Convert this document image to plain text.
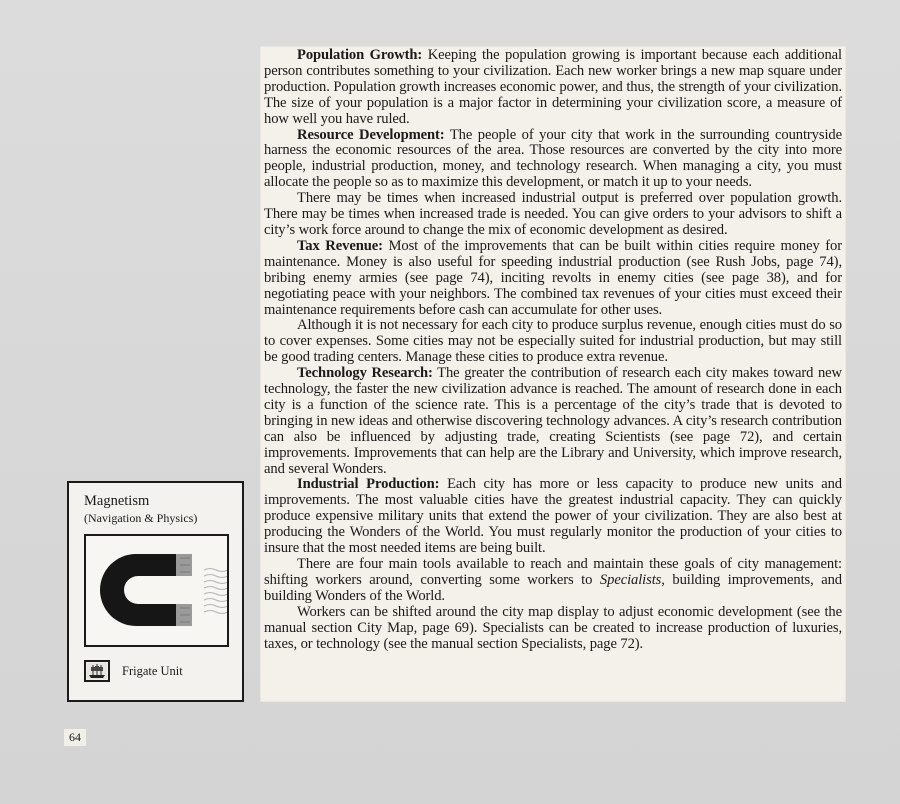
Population Growth: Keeping the population growing is important because each additional person contributes something to your civilization. Each new worker brings a new map square under production. Population growth increases economic power, and thus, the strength of your civilization. The size of your population is a major factor in determining your civilization score, a measure of how well you have ruled.

Resource Development: The people of your city that work in the surrounding countryside harness the economic resources of the area. Those resources are converted by the city into more people, industrial production, money, and technology research. When managing a city, you must allocate the people so as to maximize this development, or match it up to your needs.

There may be times when increased industrial output is preferred over population growth. There may be times when increased trade is needed. You can give orders to your advisors to shift a city’s work force around to change the mix of economic development as desired.

Tax Revenue: Most of the improvements that can be built within cities require money for maintenance. Money is also useful for speeding industrial production (see Rush Jobs, page 74), bribing enemy armies (see page 74), inciting revolts in enemy cities (see page 38), and for negotiating peace with your neighbors. The combined tax revenues of your cities must exceed their maintenance requirements before cash can accumulate for other uses.

Although it is not necessary for each city to produce surplus revenue, enough cities must do so to cover expenses. Some cities may not be especially suited for industrial production, but may still be good trading centers. Manage these cities to produce extra revenue.

Technology Research: The greater the contribution of research each city makes toward new technology, the faster the new civilization advance is reached. The amount of research done in each city is a function of the science rate. This is a percentage of the city’s trade that is devoted to bringing in new ideas and otherwise discovering technology advances. A city’s research contribution can also be influenced by adjusting trade, creating Scientists (see page 72), and certain improvements. Improvements that can help are the Library and University, which improve research, and several Wonders.

Industrial Production: Each city has more or less capacity to produce new units and improvements. The most valuable cities have the greatest industrial capacity. They can quickly produce expensive military units that extend the power of your civilization. They are also best at producing the Wonders of the World. You must regularly monitor the production of your cities to insure that the most needed items are being built.

There are four main tools available to reach and maintain these goals of city management: shifting workers around, converting some workers to Specialists, building improvements, and building Wonders of the World.

Workers can be shifted around the city map display to adjust economic development (see the manual section City Map, page 69). Specialists can be created to increase production of luxuries, taxes, or technology (see the manual section Specialists, page 72).

Magnetism
(Navigation & Physics)
Frigate Unit
64
